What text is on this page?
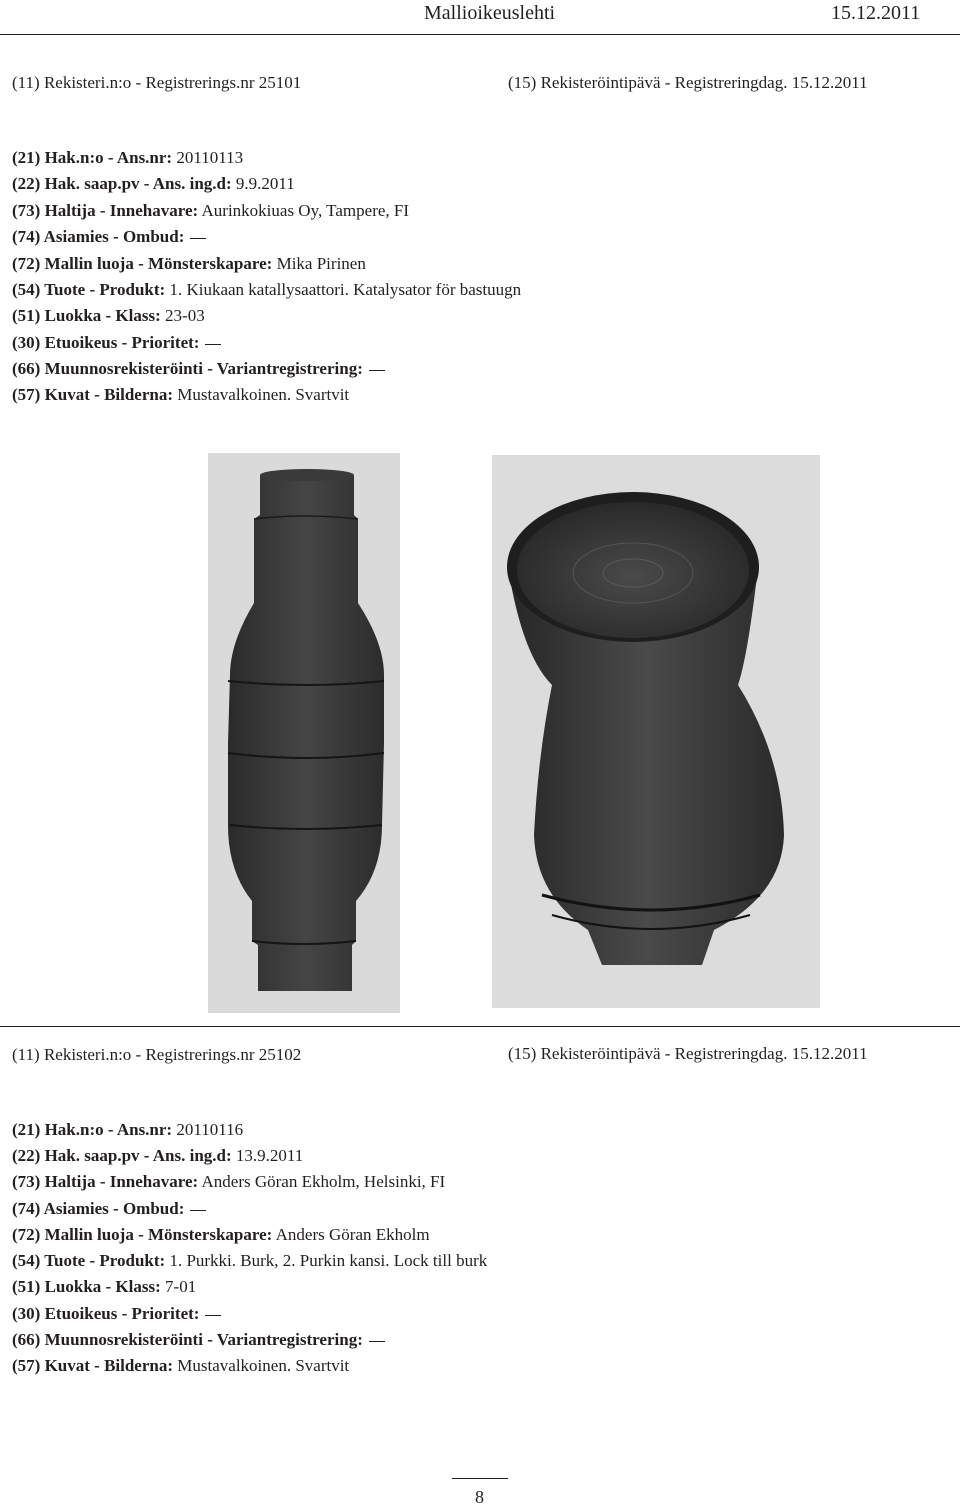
Mallioikeuslehti	15.12.2011
(11) Rekisteri.n:o - Registrerings.nr 25101	(15) Rekisteröintipävä - Registreringdag. 15.12.2011
(21) Hak.n:o - Ans.nr: 20110113
(22) Hak. saap.pv - Ans. ing.d: 9.9.2011
(73) Haltija - Innehavare: Aurinkokiuas Oy, Tampere, FI
(74) Asiamies - Ombud:
(72) Mallin luoja - Mönsterskapare: Mika Pirinen
(54) Tuote - Produkt: 1. Kiukaan katallysaattori. Katalysator för bastuugn
(51) Luokka - Klass: 23-03
(30) Etuoikeus - Prioritet:
(66) Muunnosrekisteröinti - Variantregistrering:
(57) Kuvat - Bilderna: Mustavalkoinen. Svartvit
(11) Rekisteri.n:o - Registrerings.nr 25102	(15) Rekisteröintipävä - Registreringdag. 15.12.2011
(21) Hak.n:o - Ans.nr: 20110116
(22) Hak. saap.pv - Ans. ing.d: 13.9.2011
(73) Haltija - Innehavare: Anders Göran Ekholm, Helsinki, FI
(74) Asiamies - Ombud:
(72) Mallin luoja - Mönsterskapare: Anders Göran Ekholm
(54) Tuote - Produkt: 1. Purkki. Burk, 2. Purkin kansi. Lock till burk
(51) Luokka - Klass: 7-01
(30) Etuoikeus - Prioritet:
(66) Muunnosrekisteröinti - Variantregistrering:
(57) Kuvat - Bilderna: Mustavalkoinen. Svartvit
8
